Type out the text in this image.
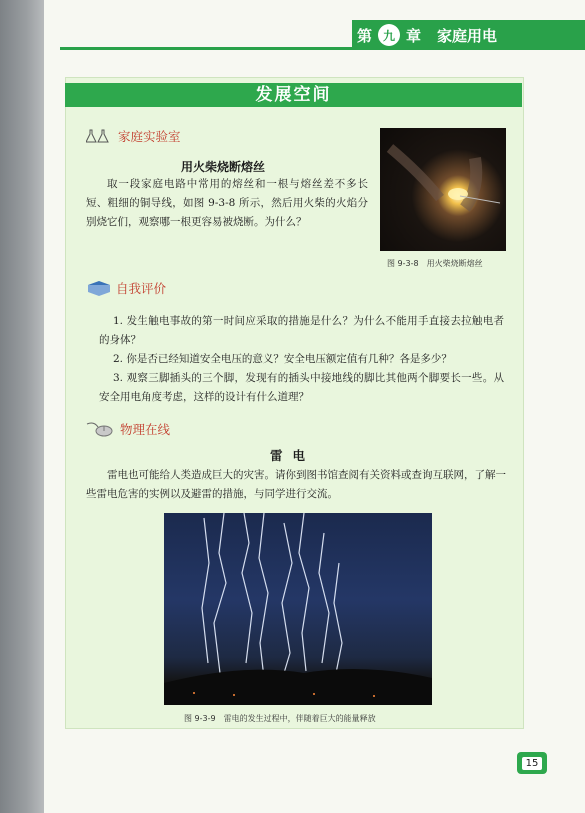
第 九 章 家庭用电
发展空间
家庭实验室
用火柴烧断熔丝
取一段家庭电路中常用的熔丝和一根与熔丝差不多长短、粗细的铜导线，如图 9-3-8 所示，然后用火柴的火焰分别烧它们，观察哪一根更容易被烧断。为什么？
图 9-3-8　用火柴烧断熔丝
自我评价
1. 发生触电事故的第一时间应采取的措施是什么？为什么不能用手直接去拉触电者的身体？
2. 你是否已经知道安全电压的意义？安全电压额定值有几种？各是多少？
3. 观察三脚插头的三个脚，发现有的插头中接地线的脚比其他两个脚要长一些。从安全用电角度考虑，这样的设计有什么道理？
物理在线
雷电
雷电也可能给人类造成巨大的灾害。请你到图书馆查阅有关资料或查询互联网，了解一些雷电危害的实例以及避雷的措施，与同学进行交流。
图 9-3-9　雷电的发生过程中，伴随着巨大的能量释放
15
